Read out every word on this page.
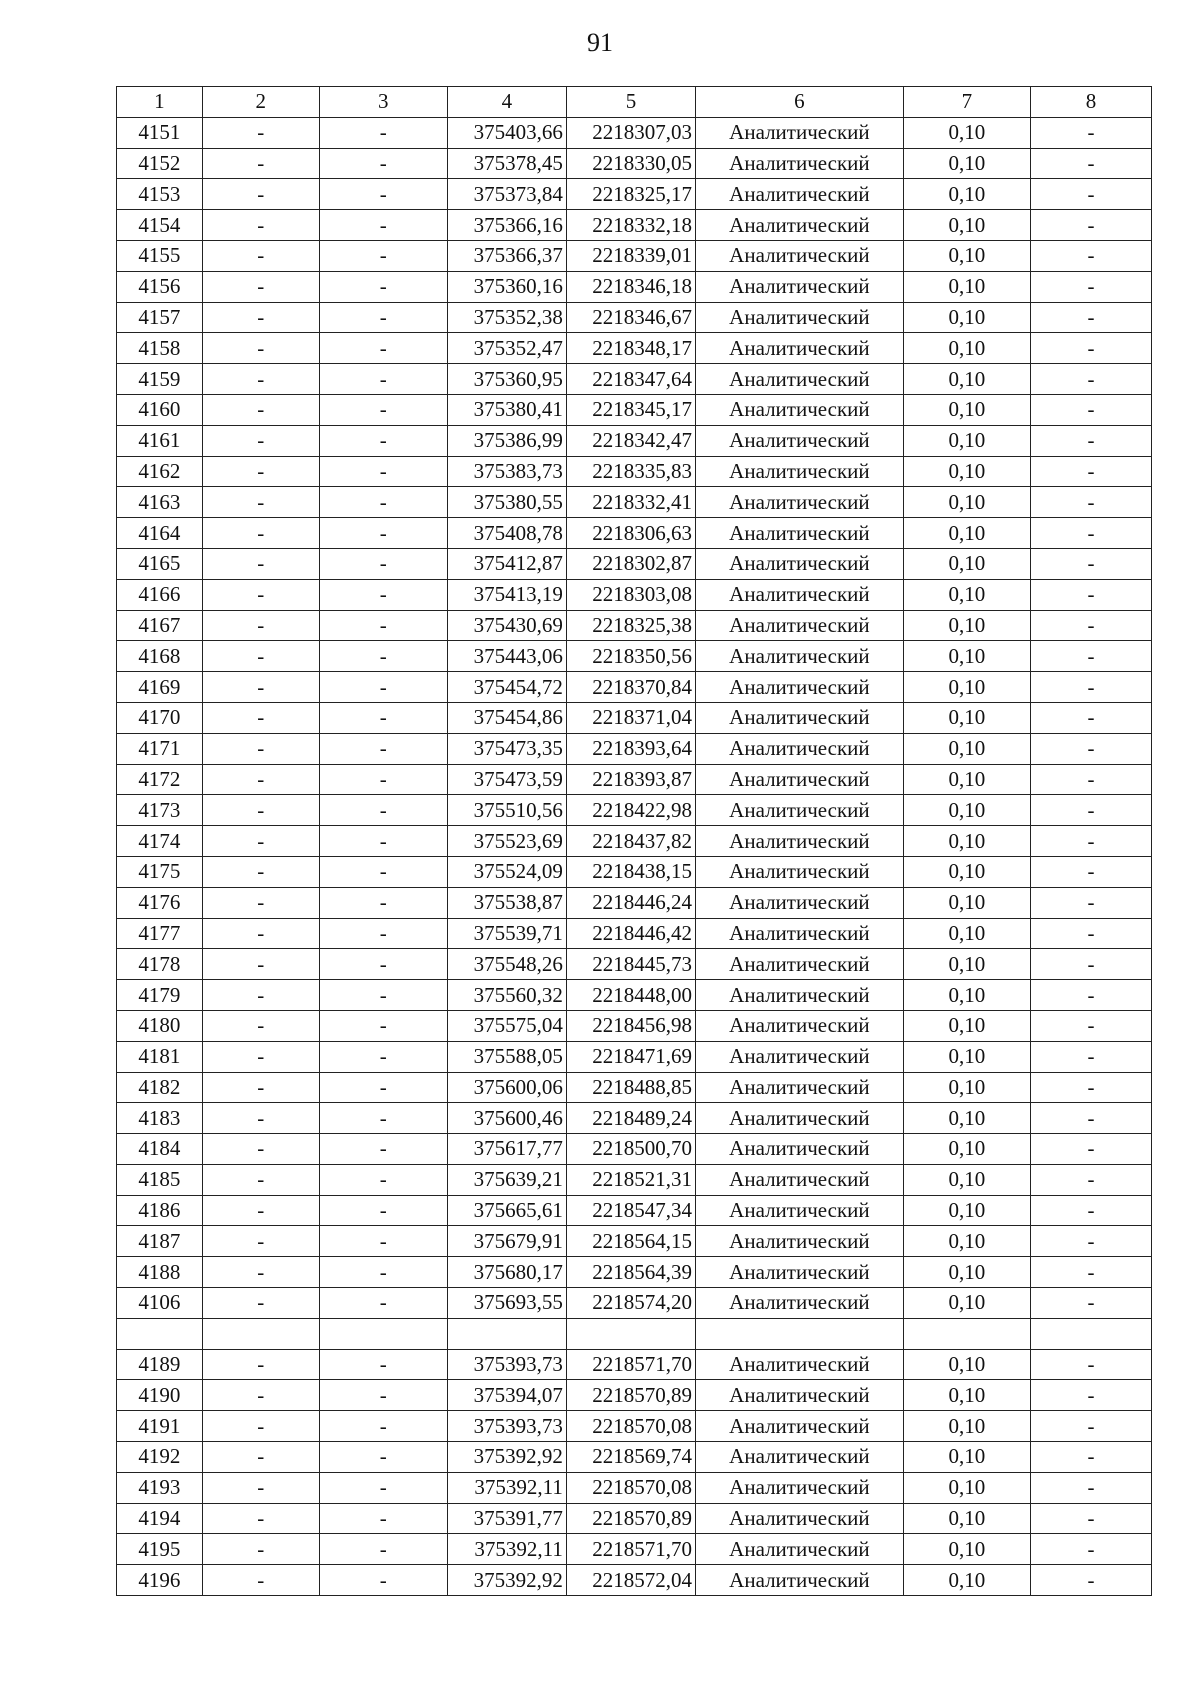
91
1	2	3	4	5	6	7	8
4151	-	-	375403,66	2218307,03	Аналитический	0,10	-
4152	-	-	375378,45	2218330,05	Аналитический	0,10	-
4153	-	-	375373,84	2218325,17	Аналитический	0,10	-
4154	-	-	375366,16	2218332,18	Аналитический	0,10	-
4155	-	-	375366,37	2218339,01	Аналитический	0,10	-
4156	-	-	375360,16	2218346,18	Аналитический	0,10	-
4157	-	-	375352,38	2218346,67	Аналитический	0,10	-
4158	-	-	375352,47	2218348,17	Аналитический	0,10	-
4159	-	-	375360,95	2218347,64	Аналитический	0,10	-
4160	-	-	375380,41	2218345,17	Аналитический	0,10	-
4161	-	-	375386,99	2218342,47	Аналитический	0,10	-
4162	-	-	375383,73	2218335,83	Аналитический	0,10	-
4163	-	-	375380,55	2218332,41	Аналитический	0,10	-
4164	-	-	375408,78	2218306,63	Аналитический	0,10	-
4165	-	-	375412,87	2218302,87	Аналитический	0,10	-
4166	-	-	375413,19	2218303,08	Аналитический	0,10	-
4167	-	-	375430,69	2218325,38	Аналитический	0,10	-
4168	-	-	375443,06	2218350,56	Аналитический	0,10	-
4169	-	-	375454,72	2218370,84	Аналитический	0,10	-
4170	-	-	375454,86	2218371,04	Аналитический	0,10	-
4171	-	-	375473,35	2218393,64	Аналитический	0,10	-
4172	-	-	375473,59	2218393,87	Аналитический	0,10	-
4173	-	-	375510,56	2218422,98	Аналитический	0,10	-
4174	-	-	375523,69	2218437,82	Аналитический	0,10	-
4175	-	-	375524,09	2218438,15	Аналитический	0,10	-
4176	-	-	375538,87	2218446,24	Аналитический	0,10	-
4177	-	-	375539,71	2218446,42	Аналитический	0,10	-
4178	-	-	375548,26	2218445,73	Аналитический	0,10	-
4179	-	-	375560,32	2218448,00	Аналитический	0,10	-
4180	-	-	375575,04	2218456,98	Аналитический	0,10	-
4181	-	-	375588,05	2218471,69	Аналитический	0,10	-
4182	-	-	375600,06	2218488,85	Аналитический	0,10	-
4183	-	-	375600,46	2218489,24	Аналитический	0,10	-
4184	-	-	375617,77	2218500,70	Аналитический	0,10	-
4185	-	-	375639,21	2218521,31	Аналитический	0,10	-
4186	-	-	375665,61	2218547,34	Аналитический	0,10	-
4187	-	-	375679,91	2218564,15	Аналитический	0,10	-
4188	-	-	375680,17	2218564,39	Аналитический	0,10	-
4106	-	-	375693,55	2218574,20	Аналитический	0,10	-

4189	-	-	375393,73	2218571,70	Аналитический	0,10	-
4190	-	-	375394,07	2218570,89	Аналитический	0,10	-
4191	-	-	375393,73	2218570,08	Аналитический	0,10	-
4192	-	-	375392,92	2218569,74	Аналитический	0,10	-
4193	-	-	375392,11	2218570,08	Аналитический	0,10	-
4194	-	-	375391,77	2218570,89	Аналитический	0,10	-
4195	-	-	375392,11	2218571,70	Аналитический	0,10	-
4196	-	-	375392,92	2218572,04	Аналитический	0,10	-
